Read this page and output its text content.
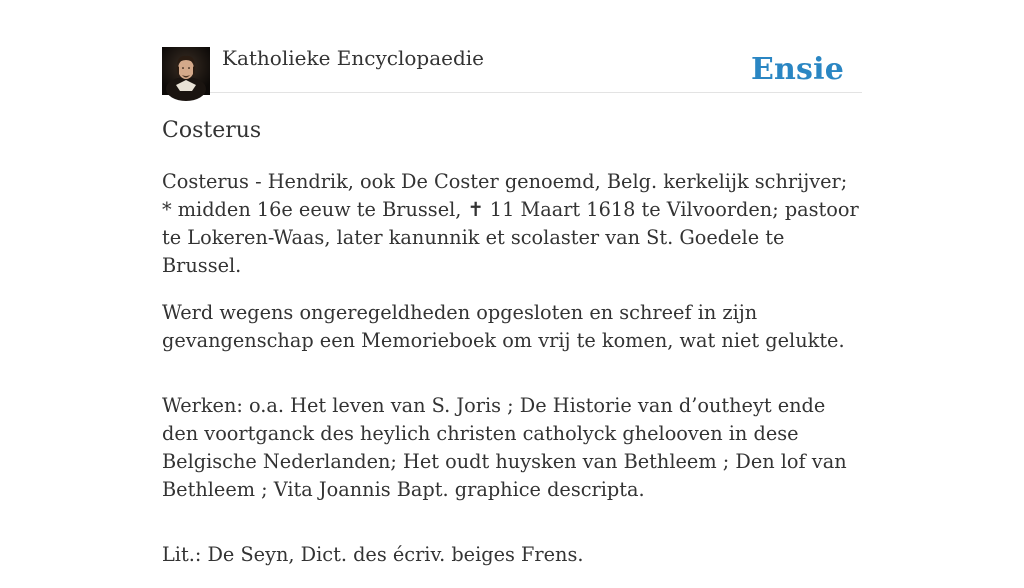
Katholieke Encyclopaedie	Ensie
Costerus

Costerus - Hendrik, ook De Coster genoemd, Belg. kerkelijk schrijver; * midden 16e eeuw te Brussel, ✝ 11 Maart 1618 te Vilvoorden; pastoor te Lokeren-Waas, later kanunnik et scolaster van St. Goedele te Brussel.

Werd wegens ongeregeldheden opgesloten en schreef in zijn gevangenschap een Memorieboek om vrij te komen, wat niet gelukte.

Werken: o.a. Het leven van S. Joris ; De Historie van d’outheyt ende den voortganck des heylich christen catholyck ghelooven in dese Belgische Nederlanden; Het oudt huysken van Bethleem ; Den lof van Bethleem ; Vita Joannis Bapt. graphice descripta.

Lit.: De Seyn, Dict. des écriv. beiges Frens.
